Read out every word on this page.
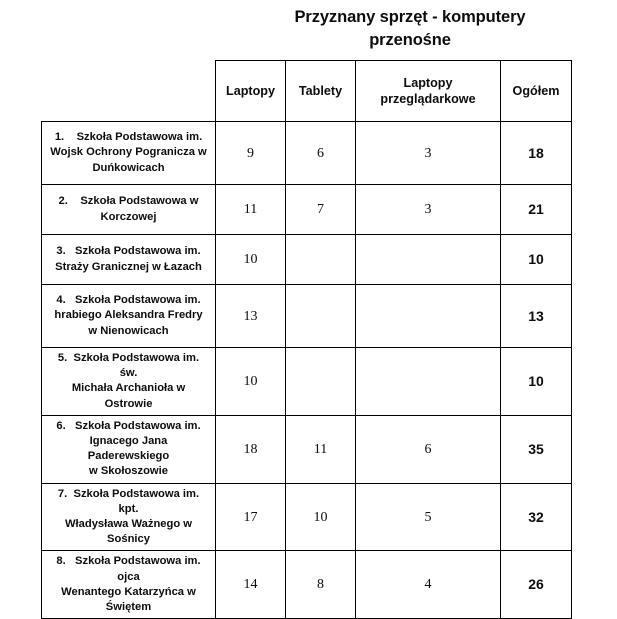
Przyznany sprzęt - komputery
przenośne
	Laptopy	Tablety	Laptopy
przeglądarkowe	Ogółem
1. Szkoła Podstawowa im.
Wojsk Ochrony Pogranicza w
Duńkowicach	9	6	3	18
2. Szkoła Podstawowa w
Korczowej	11	7	3	21
3. Szkoła Podstawowa im.
Straży Granicznej w Łazach	10			10
4. Szkoła Podstawowa im.
hrabiego Aleksandra Fredry
w Nienowicach	13			13
5. Szkoła Podstawowa im. św.
Michała Archanioła w Ostrowie	10			10
6. Szkoła Podstawowa im.
Ignacego Jana Paderewskiego
w Skołoszowie	18	11	6	35
7. Szkoła Podstawowa im. kpt.
Władysława Ważnego w Sośnicy	17	10	5	32
8. Szkoła Podstawowa im. ojca
Wenantego Katarzyńca w
Świętem	14	8	4	26
